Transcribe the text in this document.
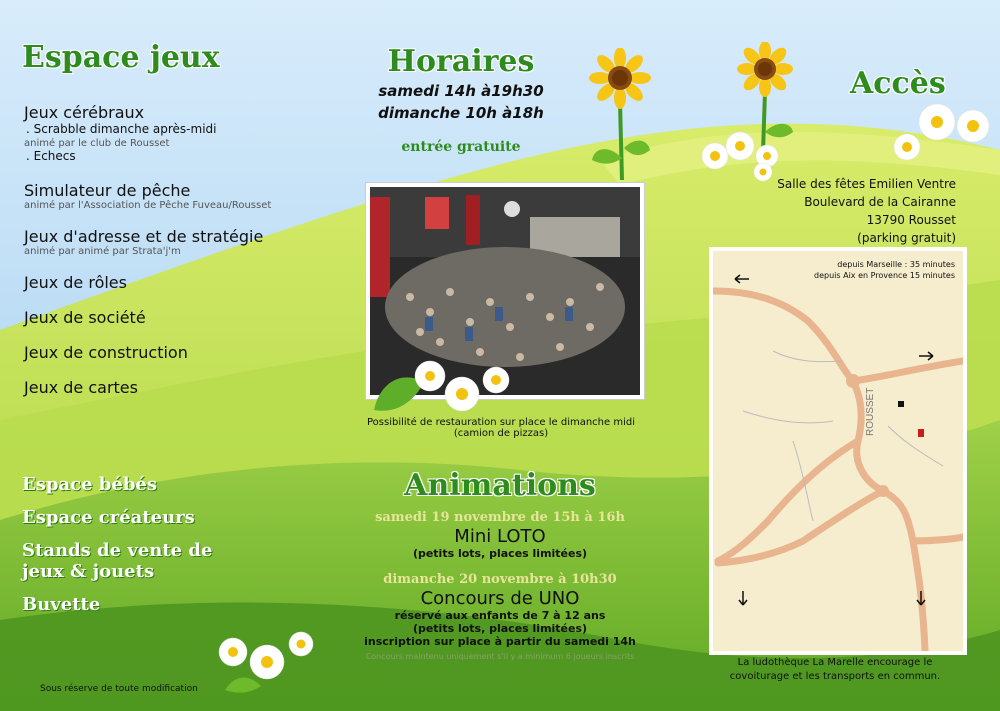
Espace jeux
Jeux cérébraux
. Scrabble dimanche après-midi
animé par le club de Rousset
. Echecs
Simulateur de pêche
animé par l'Association de Pêche Fuveau/Rousset
Jeux d'adresse et de stratégie
animé par animé par Strata'j'm
Jeux de rôles
Jeux de société
Jeux de construction
Jeux de cartes
Espace bébés
Espace créateurs
Stands de vente de
jeux & jouets
Buvette
Sous réserve de toute modification
Horaires
samedi 14h à19h30
dimanche 10h à18h
entrée gratuite
Possibilité de restauration sur place le dimanche midi
(camion de pizzas)
Animations
samedi 19 novembre de 15h à 16h
Mini LOTO
(petits lots, places limitées)
dimanche 20 novembre à 10h30
Concours de UNO
réservé aux enfants de 7 à 12 ans
(petits lots, places limitées)
inscription sur place à partir du samedi 14h
Concours maintenu uniquement s'il y a minimum 6 joueurs inscrits
Accès
Salle des fêtes Emilien Ventre
Boulevard de la Cairanne
13790 Rousset
(parking gratuit)
ROUSSET
depuis Marseille : 35 minutes
depuis Aix en Provence 15 minutes
La ludothèque La Marelle encourage le
covoiturage et les transports en commun.
